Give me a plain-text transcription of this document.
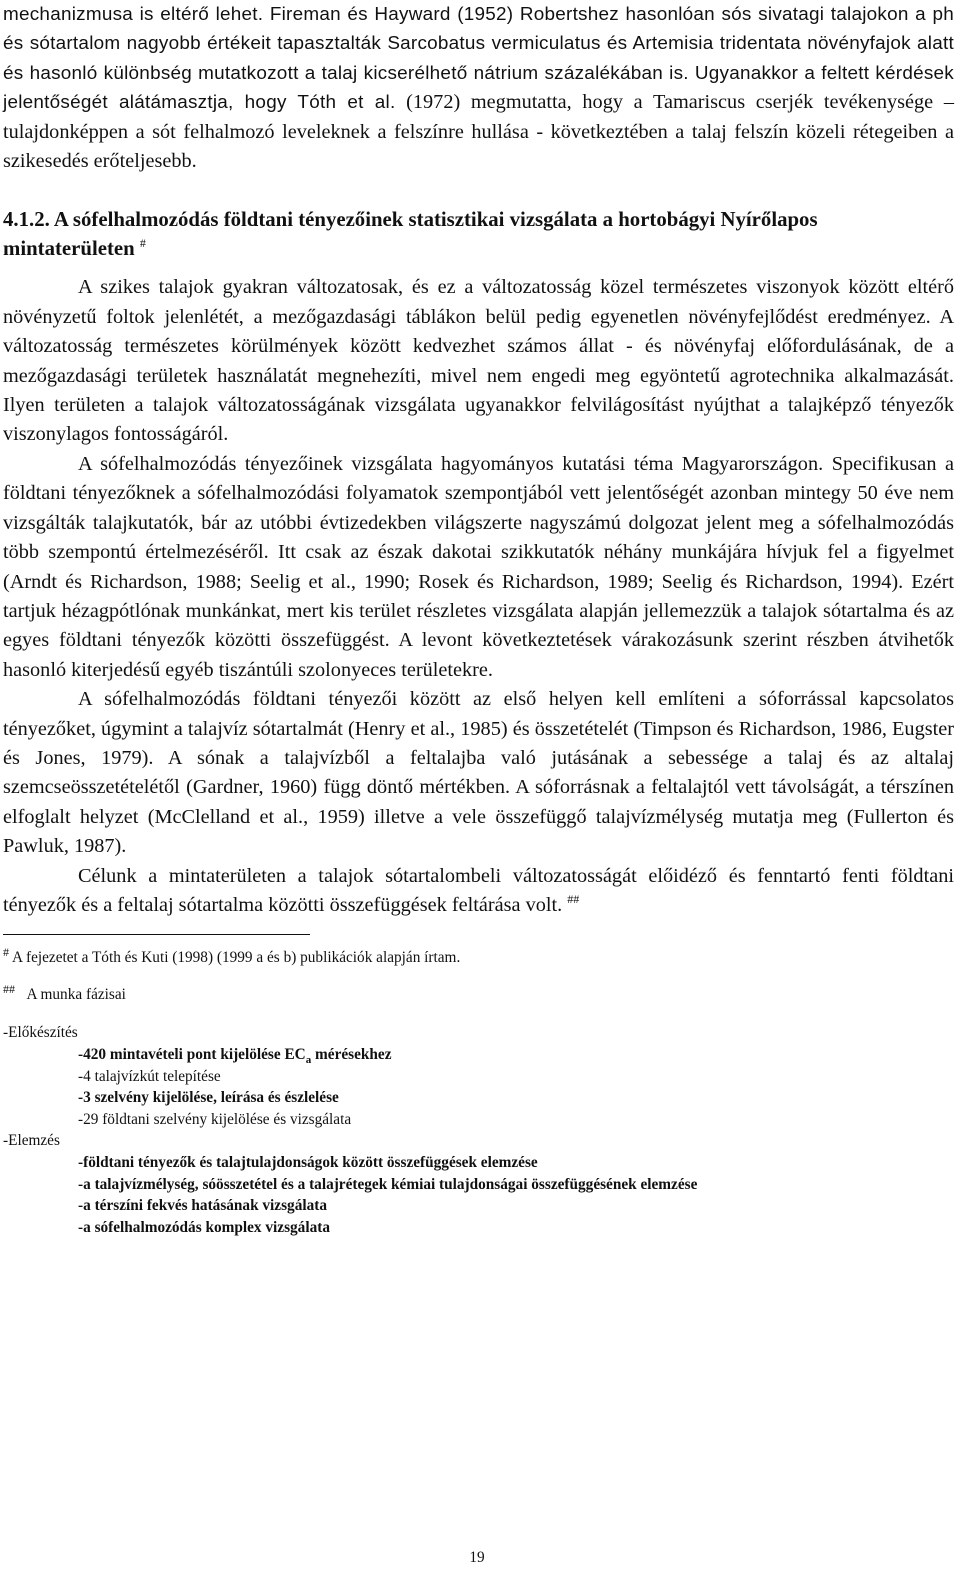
mechanizmusa is eltérő lehet. Fireman és Hayward (1952) Robertshez hasonlóan sós sivatagi talajokon a ph és sótartalom nagyobb értékeit tapasztalták Sarcobatus vermiculatus és Artemisia tridentata növényfajok alatt és hasonló különbség mutatkozott a talaj kicserélhető nátrium százalékában is. Ugyanakkor a feltett kérdések jelentőségét alátámasztja, hogy Tóth et al. (1972) megmutatta, hogy a Tamariscus cserjék tevékenysége – tulajdonképpen a sót felhalmozó leveleknek a felszínre hullása - következtében a talaj felszín közeli rétegeiben a szikesedés erőteljesebb.

4.1.2. A sófelhalmozódás földtani tényezőinek statisztikai vizsgálata a hortobágyi Nyírőlapos mintaterületen #

A szikes talajok gyakran változatosak, és ez a változatosság közel természetes viszonyok között eltérő növényzetű foltok jelenlétét, a mezőgazdasági táblákon belül pedig egyenetlen növényfejlődést eredményez. A változatosság természetes körülmények között kedvezhet számos állat - és növényfaj előfordulásának, de a mezőgazdasági területek használatát megnehezíti, mivel nem engedi meg egyöntetű agrotechnika alkalmazását. Ilyen területen a talajok változatosságának vizsgálata ugyanakkor felvilágosítást nyújthat a talajképző tényezők viszonylagos fontosságáról.

A sófelhalmozódás tényezőinek vizsgálata hagyományos kutatási téma Magyarországon. Specifikusan a földtani tényezőknek a sófelhalmozódási folyamatok szempontjából vett jelentőségét azonban mintegy 50 éve nem vizsgálták talajkutatók, bár az utóbbi évtizedekben világszerte nagyszámú dolgozat jelent meg a sófelhalmozódás több szempontú értelmezéséről. Itt csak az észak dakotai szikkutatók néhány munkájára hívjuk fel a figyelmet (Arndt és Richardson, 1988; Seelig et al., 1990; Rosek és Richardson, 1989; Seelig és Richardson, 1994). Ezért tartjuk hézagpótlónak munkánkat, mert kis terület részletes vizsgálata alapján jellemezzük a talajok sótartalma és az egyes földtani tényezők közötti összefüggést. A levont következtetések várakozásunk szerint részben átvihetők hasonló kiterjedésű egyéb tiszántúli szolonyeces területekre.

A sófelhalmozódás földtani tényezői között az első helyen kell említeni a sóforrással kapcsolatos tényezőket, úgymint a talajvíz sótartalmát (Henry et al., 1985) és összetételét (Timpson és Richardson, 1986, Eugster és Jones, 1979). A sónak a talajvízből a feltalajba való jutásának a sebessége a talaj és az altalaj szemcseösszetételétől (Gardner, 1960) függ döntő mértékben. A sóforrásnak a feltalajtól vett távolságát, a térszínen elfoglalt helyzet (McClelland et al., 1959) illetve a vele összefüggő talajvízmélység mutatja meg (Fullerton és Pawluk, 1987).

Célunk a mintaterületen a talajok sótartalombeli változatosságát előidéző és fenntartó fenti földtani tényezők és a feltalaj sótartalma közötti összefüggések feltárása volt. ##

# A fejezetet a Tóth és Kuti (1998) (1999 a és b) publikációk alapján írtam.

## A munka fázisai

-Előkészítés
-420 mintavételi pont kijelölése $EC_a$ mérésekhez
-4 talajvízkút telepítése
-3 szelvény kijelölése, leírása és észlelése
-29 földtani szelvény kijelölése és vizsgálata
-Elemzés
-földtani tényezők és talajtulajdonságok között összefüggések elemzése
-a talajvízmélység, sóösszetétel és a talajrétegek kémiai tulajdonságai összefüggésének elemzése
-a térszíni fekvés hatásának vizsgálata
-a sófelhalmozódás komplex vizsgálata
19
